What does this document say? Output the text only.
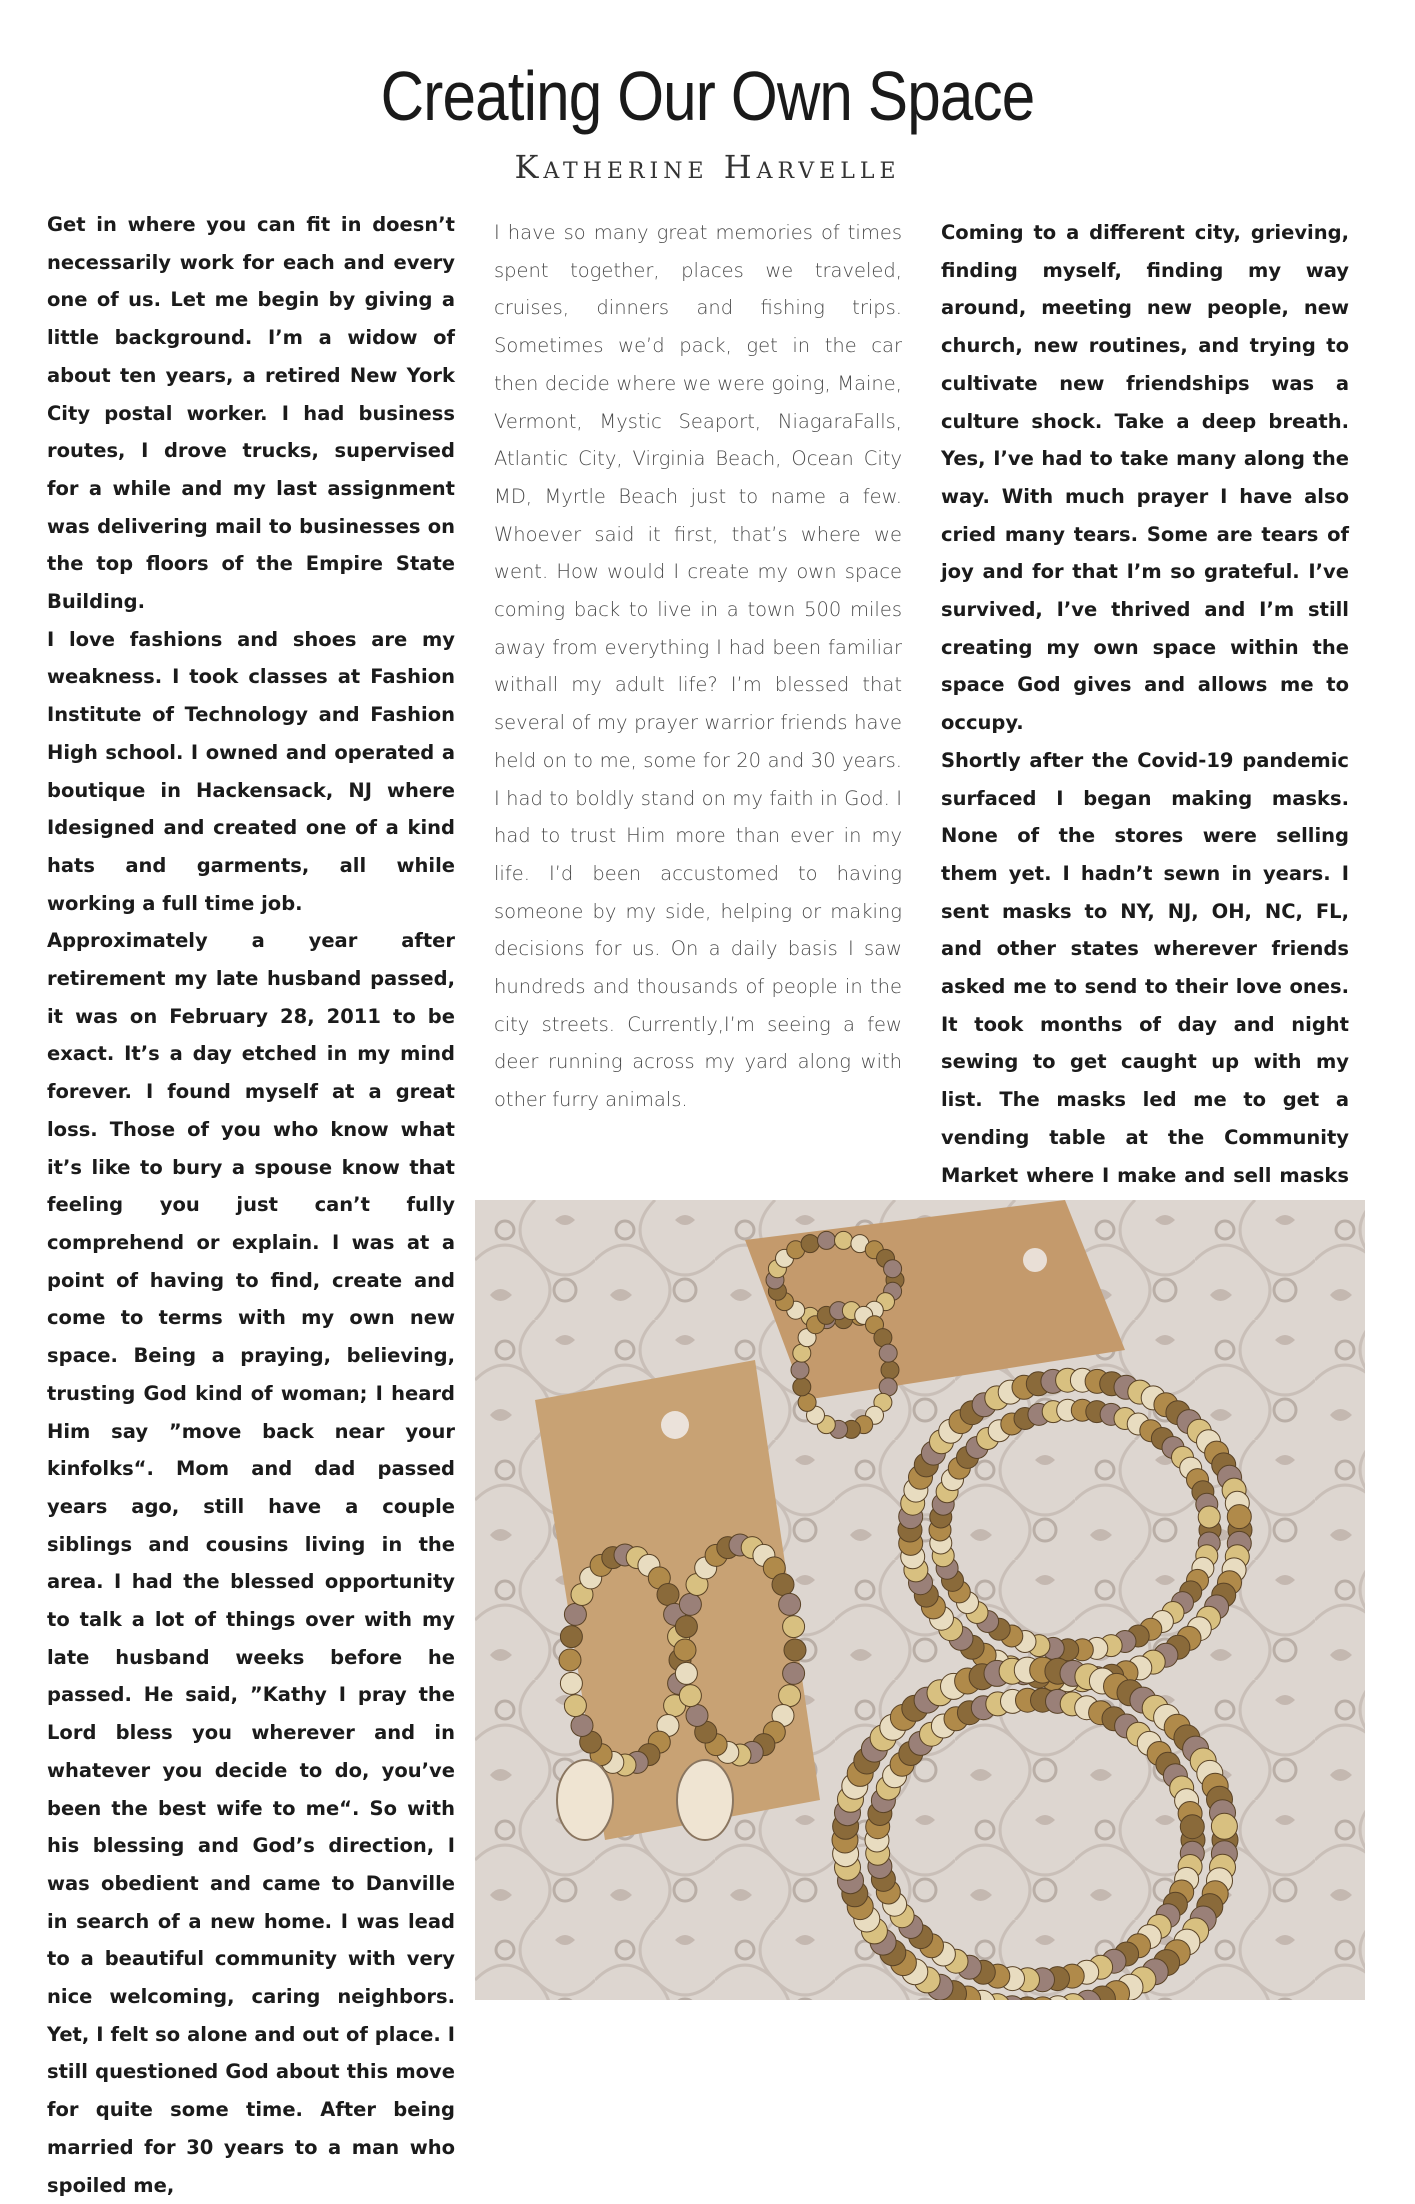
Creating Our Own Space
Katherine Harvelle

Get in where you can fit in doesn’t necessarily work for each and every one of us. Let me begin by giving a little background. I’m a widow of about ten years, a retired New York City postal worker. I had business routes, I drove trucks, supervised for a while and my last assignment was delivering mail to businesses on the top floors of the Empire State Building.

I love fashions and shoes are my weakness. I took classes at Fashion Institute of Technology and Fashion High school. I owned and operated a boutique in Hackensack, NJ where Idesigned and created one of a kind hats and garments, all while working a full time job.

Approximately a year after retirement my late husband passed, it was on February 28, 2011 to be exact. It’s a day etched in my mind forever. I found myself at a great loss. Those of you who know what it’s like to bury a spouse know that feeling you just can’t fully comprehend or explain. I was at a point of having to find, create and come to terms with my own new space. Being a praying, believing, trusting God kind of woman; I heard Him say ”move back near your kinfolks“. Mom and dad passed years ago, still have a couple siblings and cousins living in the area. I had the blessed opportunity to talk a lot of things over with my late husband weeks before he passed. He said, ”Kathy I pray the Lord bless you wherever and in whatever you decide to do, you’ve been the best wife to me“. So with his blessing and God’s direction, I was obedient and came to Danville in search of a new home. I was lead to a beautiful community with very nice welcoming, caring neighbors. Yet, I felt so alone and out of place. I still questioned God about this move for quite some time. After being married for 30 years to a man who spoiled me,

I have so many great memories of times spent together, places we traveled, cruises, dinners and fishing trips. Sometimes we’d pack, get in the car then decide where we were going, Maine, Vermont, Mystic Seaport, NiagaraFalls, Atlantic City, Virginia Beach, Ocean City MD, Myrtle Beach just to name a few. Whoever said it first, that’s where we went. How would I create my own space coming back to live in a town 500 miles away from everything I had been familiar withall my adult life? I’m blessed that several of my prayer warrior friends have held on to me, some for 20 and 30 years. I had to boldly stand on my faith in God. I had to trust Him more than ever in my life. I’d been accustomed to having someone by my side, helping or making decisions for us. On a daily basis I saw hundreds and thousands of people in the city streets. Currently,I’m seeing a few deer running across my yard along with other furry animals.

Coming to a different city, grieving, finding myself, finding my way around, meeting new people, new church, new routines, and trying to cultivate new friendships was a culture shock. Take a deep breath. Yes, I’ve had to take many along the way. With much prayer I have also cried many tears. Some are tears of joy and for that I’m so grateful. I’ve survived, I’ve thrived and I’m still creating my own space within the space God gives and allows me to occupy.

Shortly after the Covid-19 pandemic surfaced I began making masks. None of the stores were selling them yet. I hadn’t sewn in years. I sent masks to NY, NJ, OH, NC, FL, and other states wherever friends asked me to send to their love ones. It took months of day and night sewing to get caught up with my list. The masks led me to get a vending table at the Community Market where I make and sell masks
